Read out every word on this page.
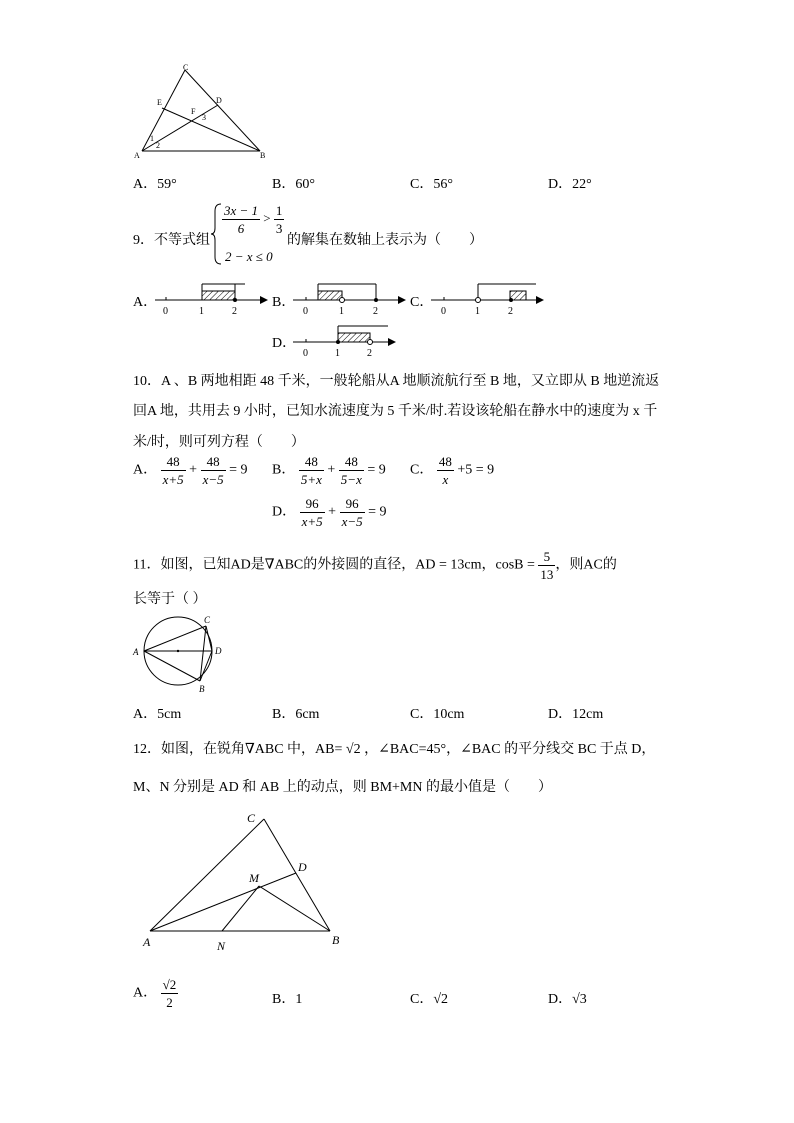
C
E	D
F
3
1
2
A	B
A．59°	B．60°	C．56°	D．22°
9．不等式组
$\frac{3x - 1}{6} > \frac{1}{3}$
的解集在数轴上表示为（　　）
2 − x ≤ 0
A．
0	1	2
B．
0	1	2
C．
0	1	2
D．
0	1	2
10．A 、B 两地相距 48 千米，一般轮船从A 地顺流航行至 B 地，又立即从 B 地逆流返
回A 地，共用去 9 小时，已知水流速度为 5 千米/时.若设该轮船在静水中的速度为 x 千
米/时，则可列方程（　　）
A． $\frac{48}{x+5} + \frac{48}{x-5} = 9$ B． $\frac{48}{5+x} + \frac{48}{5-x} = 9$ C． $\frac{48}{x} +5 = 9$
D． $\frac{96}{x+5} + \frac{96}{x-5} = 9$
11．如图，已知AD是∇ABC的外接圆的直径，AD = 13cm，$\cos B = \frac{5}{13}$ ，则AC的
长等于（ ）
A
C
D
B
A．5cm	B．6cm	C．10cm	D．12cm
12．如图，在锐角∇ABC 中，AB= √2 ，∠BAC=45°，∠BAC 的平分线交 BC 于点 D，
M、N 分别是 AD 和 AB 上的动点，则 BM+MN 的最小值是（　　）
C
D
M
A	N	B
A． $\frac{√2}{2}$	B．1	C．√2	D．√3
